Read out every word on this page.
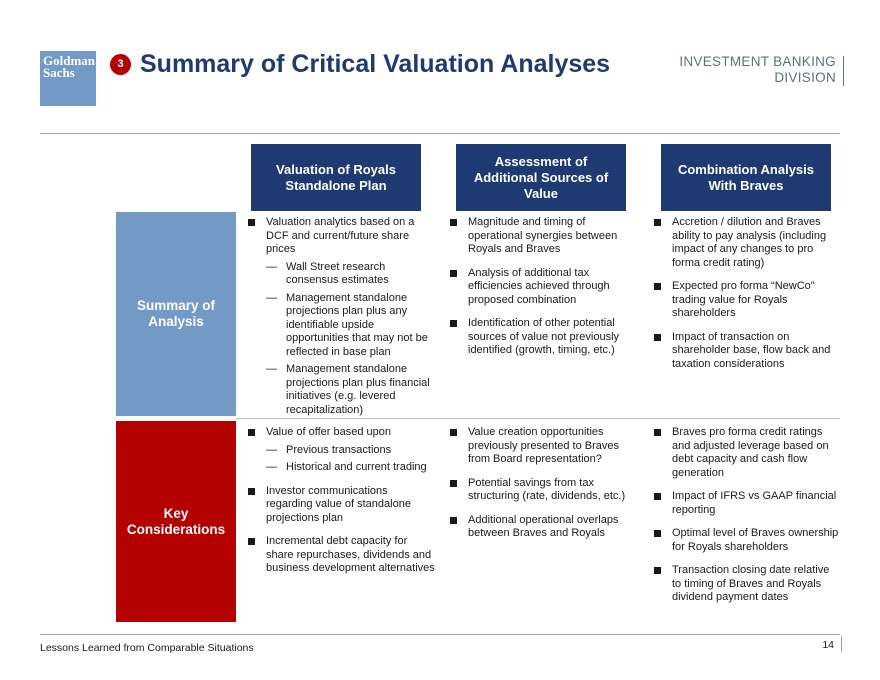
Goldman
Sachs
3 Summary of Critical Valuation Analyses	INVESTMENT BANKING
DIVISION
Valuation of Royals Standalone Plan
Assessment of Additional Sources of Value
Combination Analysis With Braves
Summary of Analysis
Key Considerations
Valuation analytics based on a DCF and current/future share prices
— Wall Street research consensus estimates
— Management standalone projections plan plus any identifiable upside opportunities that may not be reflected in base plan
— Management standalone projections plan plus financial initiatives (e.g. levered recapitalization)
Magnitude and timing of operational synergies between Royals and Braves
Analysis of additional tax efficiencies achieved through proposed combination
Identification of other potential sources of value not previously identified (growth, timing, etc.)
Accretion / dilution and Braves ability to pay analysis (including impact of any changes to pro forma credit rating)
Expected pro forma “NewCo” trading value for Royals shareholders
Impact of transaction on shareholder base, flow back and taxation considerations
Value of offer based upon
— Previous transactions
— Historical and current trading
Investor communications regarding value of standalone projections plan
Incremental debt capacity for share repurchases, dividends and business development alternatives
Value creation opportunities previously presented to Braves from Board representation?
Potential savings from tax structuring (rate, dividends, etc.)
Additional operational overlaps between Braves and Royals
Braves pro forma credit ratings and adjusted leverage based on debt capacity and cash flow generation
Impact of IFRS vs GAAP financial reporting
Optimal level of Braves ownership for Royals shareholders
Transaction closing date relative to timing of Braves and Royals dividend payment dates
Lessons Learned from Comparable Situations	14
